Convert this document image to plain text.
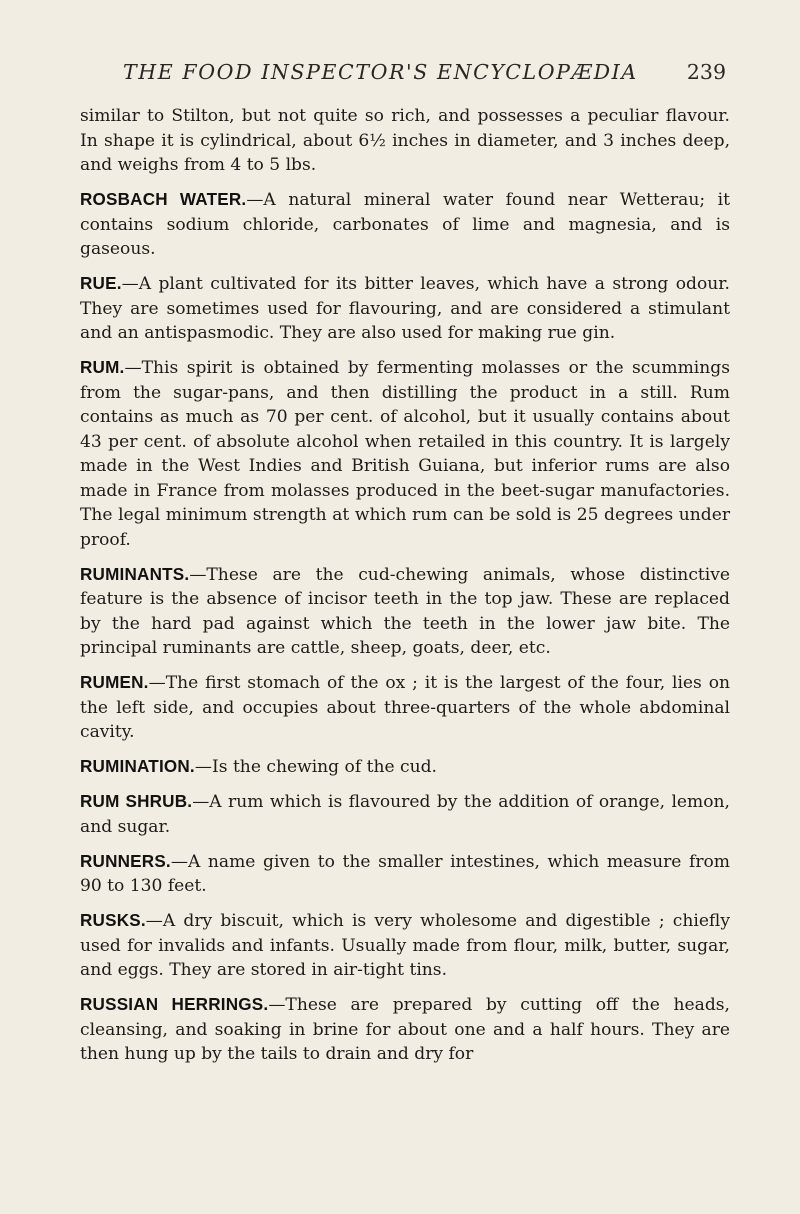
THE FOOD INSPECTOR'S ENCYCLOPÆDIA 239

similar to Stilton, but not quite so rich, and possesses a peculiar flavour. In shape it is cylindrical, about 6½ inches in diameter, and 3 inches deep, and weighs from 4 to 5 lbs.

ROSBACH WATER.—A natural mineral water found near Wetterau; it contains sodium chloride, carbonates of lime and magnesia, and is gaseous.

RUE.—A plant cultivated for its bitter leaves, which have a strong odour. They are sometimes used for flavouring, and are considered a stimulant and an antispasmodic. They are also used for making rue gin.

RUM.—This spirit is obtained by fermenting molasses or the scummings from the sugar-pans, and then distilling the product in a still. Rum contains as much as 70 per cent. of alcohol, but it usually contains about 43 per cent. of absolute alcohol when retailed in this country. It is largely made in the West Indies and British Guiana, but inferior rums are also made in France from molasses produced in the beet-sugar manufactories. The legal minimum strength at which rum can be sold is 25 degrees under proof.

RUMINANTS.—These are the cud-chewing animals, whose distinctive feature is the absence of incisor teeth in the top jaw. These are replaced by the hard pad against which the teeth in the lower jaw bite. The principal ruminants are cattle, sheep, goats, deer, etc.

RUMEN.—The first stomach of the ox ; it is the largest of the four, lies on the left side, and occupies about three-quarters of the whole abdominal cavity.

RUMINATION.—Is the chewing of the cud.

RUM SHRUB.—A rum which is flavoured by the addition of orange, lemon, and sugar.

RUNNERS.—A name given to the smaller intestines, which measure from 90 to 130 feet.

RUSKS.—A dry biscuit, which is very wholesome and digestible ; chiefly used for invalids and infants. Usually made from flour, milk, butter, sugar, and eggs. They are stored in air-tight tins.

RUSSIAN HERRINGS.—These are prepared by cutting off the heads, cleansing, and soaking in brine for about one and a half hours. They are then hung up by the tails to drain and dry for
